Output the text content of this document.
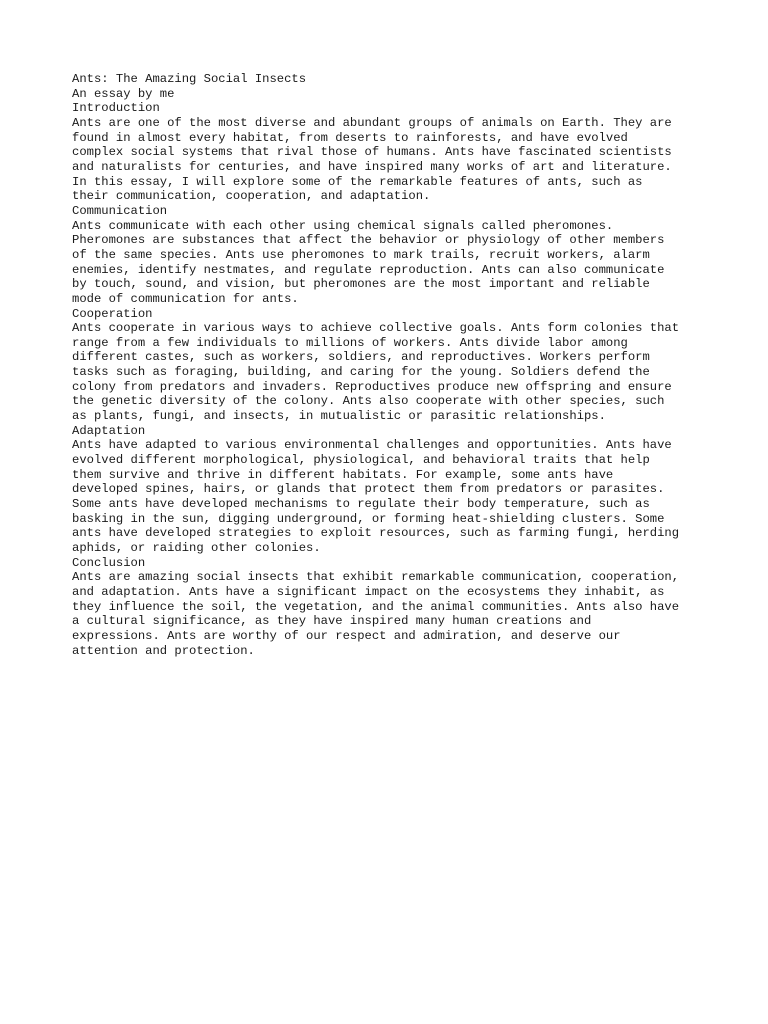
Ants: The Amazing Social Insects

An essay by me

Introduction
Ants are one of the most diverse and abundant groups of animals on Earth. They are
found in almost every habitat, from deserts to rainforests, and have evolved
complex social systems that rival those of humans. Ants have fascinated scientists
and naturalists for centuries, and have inspired many works of art and literature.
In this essay, I will explore some of the remarkable features of ants, such as
their communication, cooperation, and adaptation.
Communication
Ants communicate with each other using chemical signals called pheromones.
Pheromones are substances that affect the behavior or physiology of other members
of the same species. Ants use pheromones to mark trails, recruit workers, alarm
enemies, identify nestmates, and regulate reproduction. Ants can also communicate
by touch, sound, and vision, but pheromones are the most important and reliable
mode of communication for ants.
Cooperation
Ants cooperate in various ways to achieve collective goals. Ants form colonies that
range from a few individuals to millions of workers. Ants divide labor among
different castes, such as workers, soldiers, and reproductives. Workers perform
tasks such as foraging, building, and caring for the young. Soldiers defend the
colony from predators and invaders. Reproductives produce new offspring and ensure
the genetic diversity of the colony. Ants also cooperate with other species, such
as plants, fungi, and insects, in mutualistic or parasitic relationships.
Adaptation
Ants have adapted to various environmental challenges and opportunities. Ants have
evolved different morphological, physiological, and behavioral traits that help
them survive and thrive in different habitats. For example, some ants have
developed spines, hairs, or glands that protect them from predators or parasites.
Some ants have developed mechanisms to regulate their body temperature, such as
basking in the sun, digging underground, or forming heat-shielding clusters. Some
ants have developed strategies to exploit resources, such as farming fungi, herding
aphids, or raiding other colonies.
Conclusion
Ants are amazing social insects that exhibit remarkable communication, cooperation,
and adaptation. Ants have a significant impact on the ecosystems they inhabit, as
they influence the soil, the vegetation, and the animal communities. Ants also have
a cultural significance, as they have inspired many human creations and
expressions. Ants are worthy of our respect and admiration, and deserve our
attention and protection.
